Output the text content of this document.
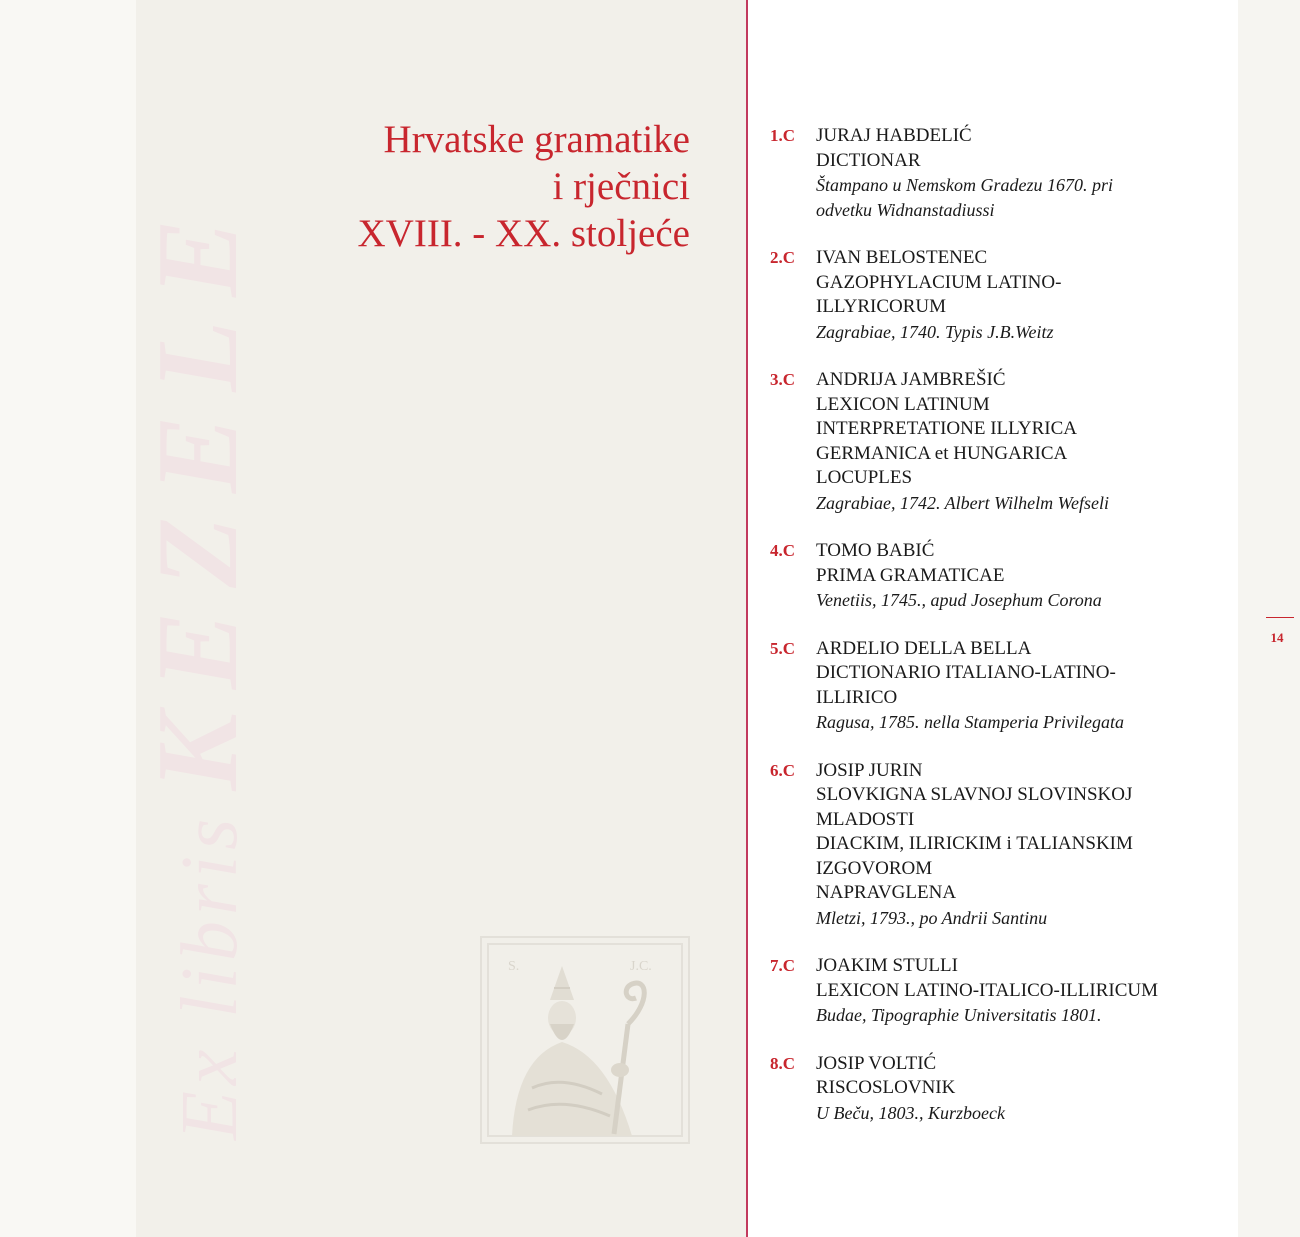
Ex librisKEZELE
Hrvatske gramatike
i rječnici
XVIII. - XX. stoljeće
S.	J.C.
1.C	JURAJ HABDELIĆ
DICTIONAR
Štampano u Nemskom Gradezu 1670. pri
odvetku Widnanstadiussi
2.C	IVAN BELOSTENEC
GAZOPHYLACIUM LATINO-
ILLYRICORUM
Zagrabiae, 1740. Typis J.B.Weitz
3.C	ANDRIJA JAMBREŠIĆ
LEXICON LATINUM
INTERPRETATIONE ILLYRICA
GERMANICA et HUNGARICA
LOCUPLES
Zagrabiae, 1742. Albert Wilhelm Wefseli
4.C	TOMO BABIĆ
PRIMA GRAMATICAE
Venetiis, 1745., apud Josephum Corona
5.C	ARDELIO DELLA BELLA
DICTIONARIO ITALIANO-LATINO-
ILLIRICO
Ragusa, 1785. nella Stamperia Privilegata
6.C	JOSIP JURIN
SLOVKIGNA SLAVNOJ SLOVINSKOJ
MLADOSTI
DIACKIM, ILIRICKIM i TALIANSKIM
IZGOVOROM
NAPRAVGLENA
Mletzi, 1793., po Andrii Santinu
7.C	JOAKIM STULLI
LEXICON LATINO-ITALICO-ILLIRICUM
Budae, Tipographie Universitatis 1801.
8.C	JOSIP VOLTIĆ
RISCOSLOVNIK
U Beču, 1803., Kurzboeck
14
